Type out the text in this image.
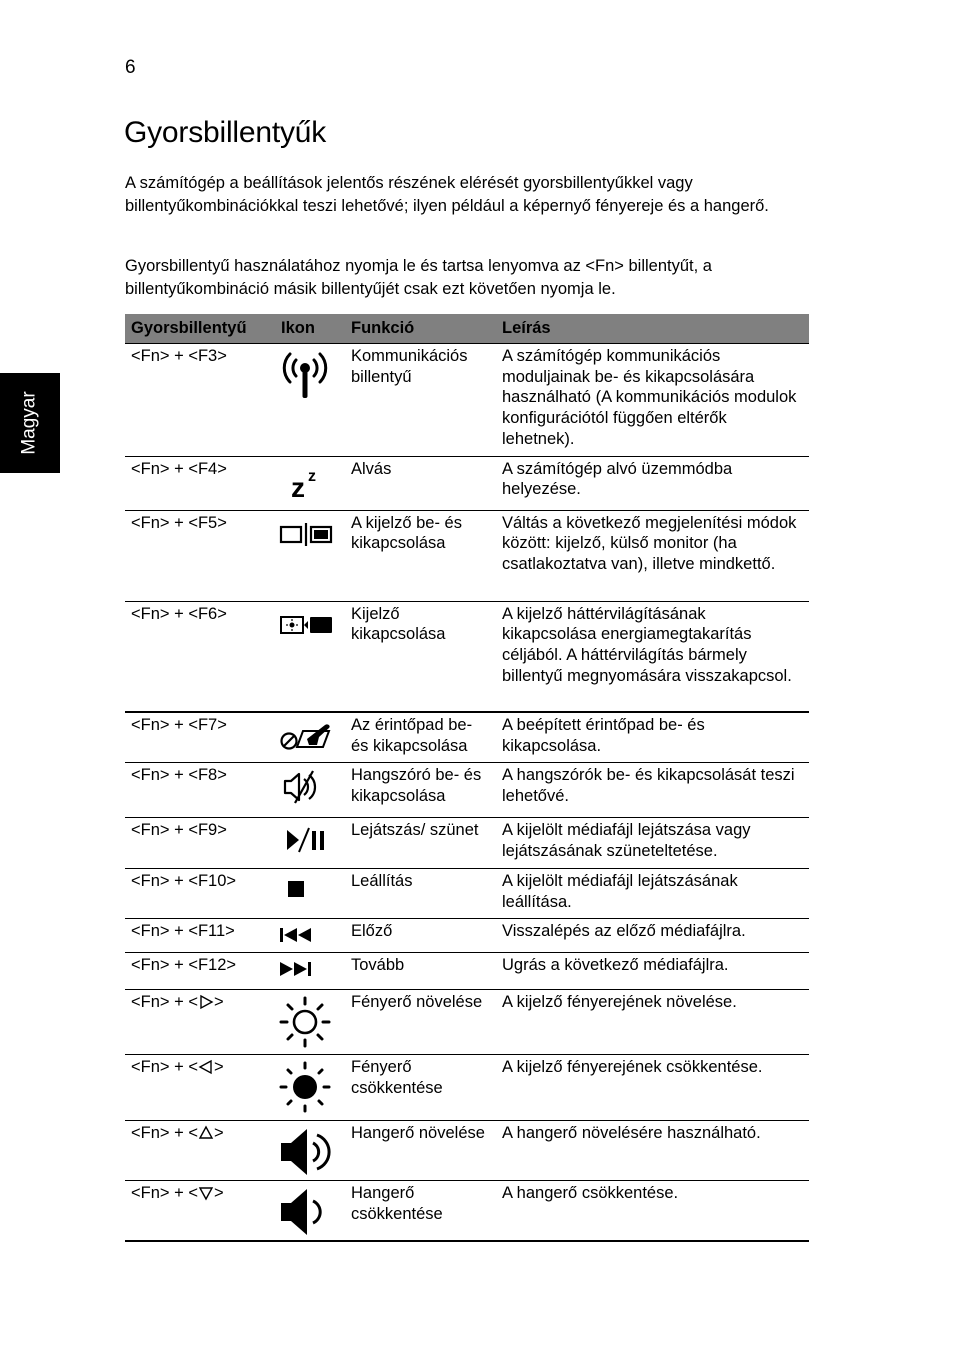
6
Gyorsbillentyűk
Magyar

A számítógép a beállítások jelentős részének elérését gyorsbillentyűkkel vagy billentyűkombinációkkal teszi lehetővé; ilyen például a képernyő fényereje és a hangerő.

Gyorsbillentyű használatához nyomja le és tartsa lenyomva az <Fn> billentyűt, a billentyűkombináció másik billentyűjét csak ezt követően nyomja le.

Gyorsbillentyű	Ikon	Funkció	Leírás
<Fn> + <F3>		Kommunikációs billentyű	A számítógép kommunikációs moduljainak be- és kikapcsolására használható (A kommunikációs modulok konfigurációtól függően eltérők lehetnek).
<Fn> + <F4>	z z	Alvás	A számítógép alvó üzemmódba helyezése.
<Fn> + <F5>		A kijelző be- és kikapcsolása	Váltás a következő megjelenítési módok között: kijelző, külső monitor (ha csatlakoztatva van), illetve mindkettő.
<Fn> + <F6>		Kijelző kikapcsolása	A kijelző háttérvilágításának kikapcsolása energiamegtakarítás céljából. A háttérvilágítás bármely billentyű megnyomására visszakapcsol.
<Fn> + <F7>		Az érintőpad be- és kikapcsolása	A beépített érintőpad be- és kikapcsolása.
<Fn> + <F8>		Hangszóró be- és kikapcsolása	A hangszórók be- és kikapcsolását teszi lehetővé.
<Fn> + <F9>		Lejátszás/ szünet	A kijelölt médiafájl lejátszása vagy lejátszásának szüneteltetése.
<Fn> + <F10>		Leállítás	A kijelölt médiafájl lejátszásának leállítása.
<Fn> + <F11>		Előző	Visszalépés az előző médiafájlra.
<Fn> + <F12>		Tovább	Ugrás a következő médiafájlra.
<Fn> + < >		Fényerő növelése	A kijelző fényerejének növelése.
<Fn> + < >		Fényerő csökkentése	A kijelző fényerejének csökkentése.
<Fn> + < >		Hangerő növelése	A hangerő növelésére használható.
<Fn> + < >		Hangerő csökkentése	A hangerő csökkentése.
